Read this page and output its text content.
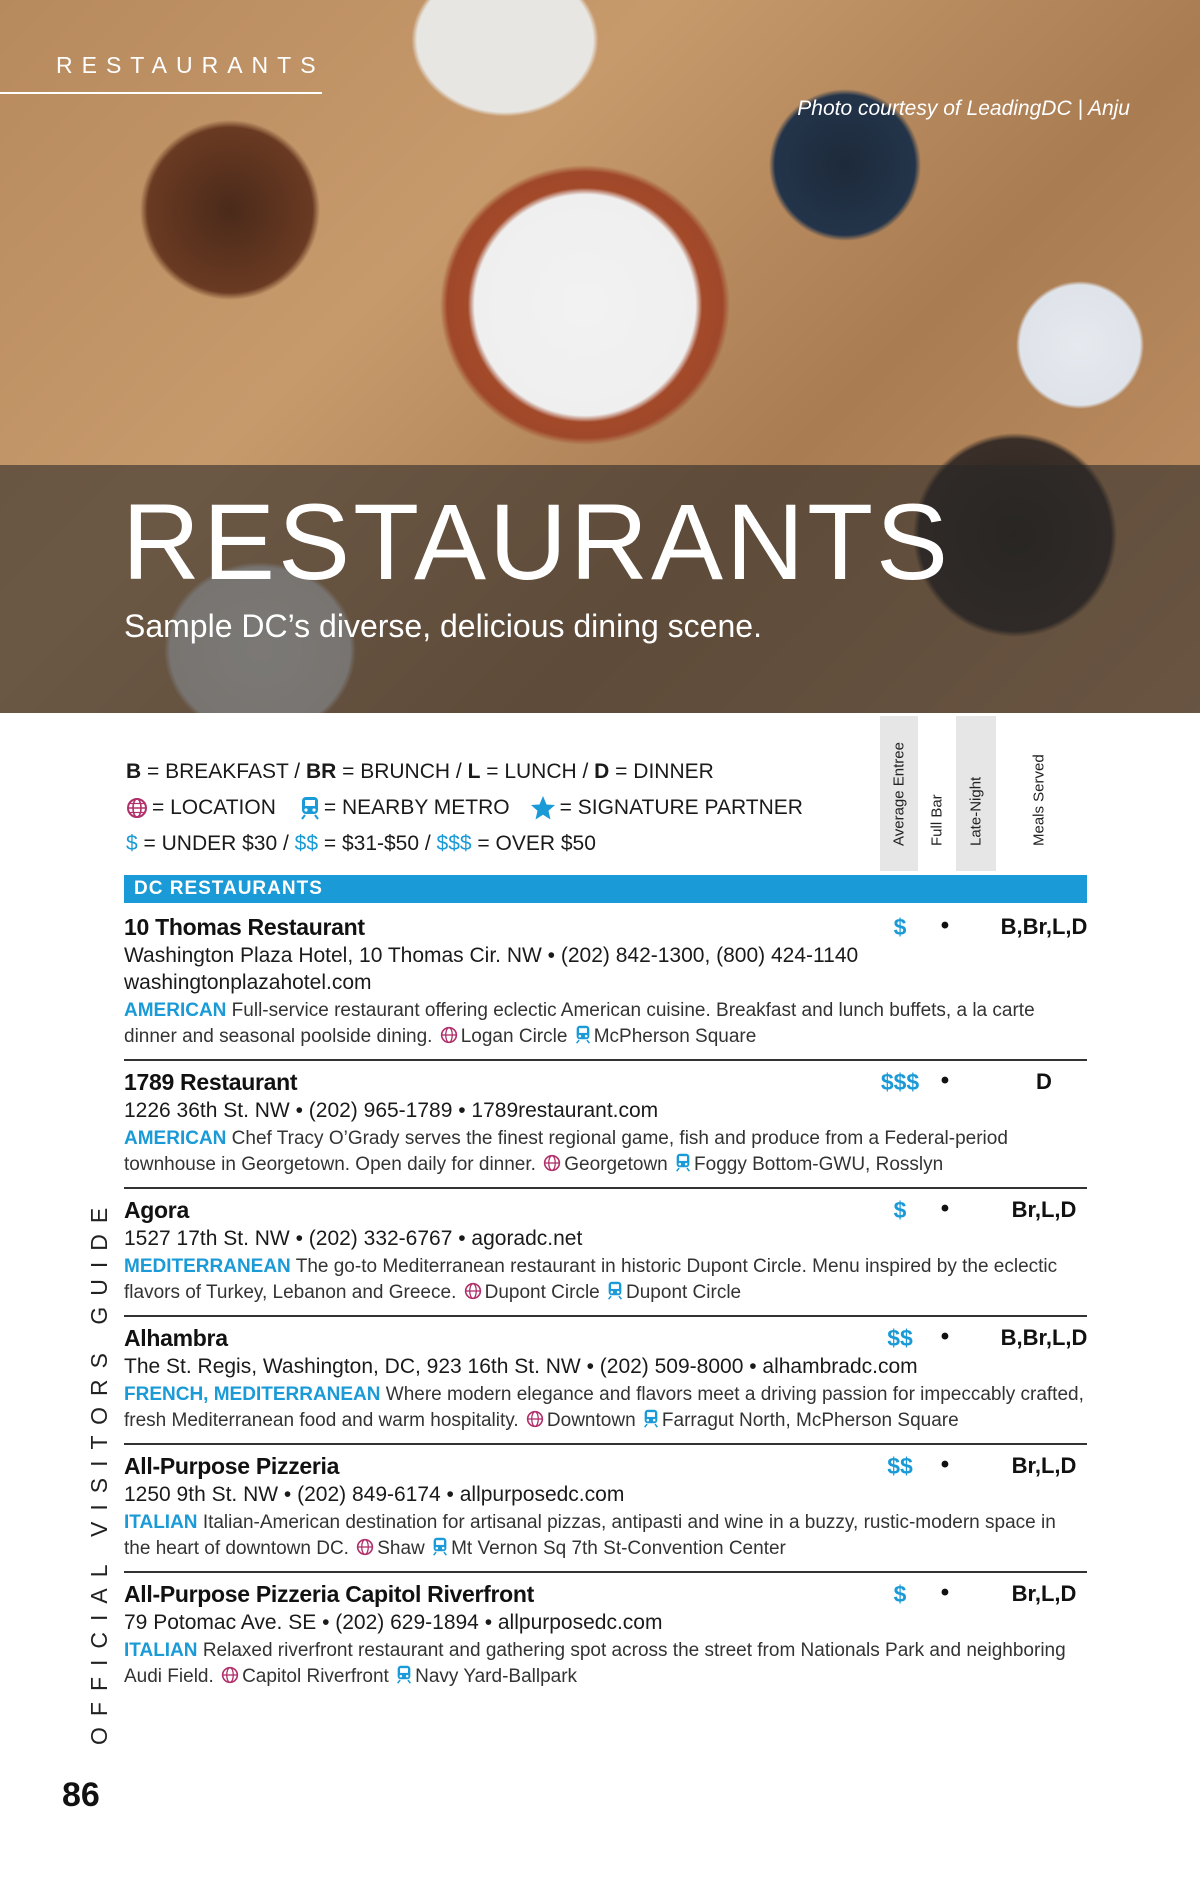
RESTAURANTS

Photo courtesy of LeadingDC | Anju

RESTAURANTS

Sample DC’s diverse, delicious dining scene.

B = BREAKFAST / BR = BRUNCH / L = LUNCH / D = DINNER
= LOCATION = NEARBY METRO = SIGNATURE PARTNER
$ = UNDER $30 / $$ = $31-$50 / $$$ = OVER $50	Average Entree Full Bar Late-Night	Meals Served
DC RESTAURANTS

10 Thomas Restaurant	$	•	B,Br,L,D

Washington Plaza Hotel, 10 Thomas Cir. NW • (202) 842-1300, (800) 424-1140

washingtonplazahotel.com

AMERICAN Full-service restaurant offering eclectic American cuisine. Breakfast and lunch buffets, a la carte dinner and seasonal poolside dining. Logan Circle McPherson Square

1789 Restaurant	$$$ •	D

1226 36th St. NW • (202) 965-1789 • 1789restaurant.com

AMERICAN Chef Tracy O’Grady serves the finest regional game, fish and produce from a Federal-period townhouse in Georgetown. Open daily for dinner. Georgetown Foggy Bottom-GWU, Rosslyn

Agora	$	•	Br,L,D

1527 17th St. NW • (202) 332-6767 • agoradc.net

MEDITERRANEAN The go-to Mediterranean restaurant in historic Dupont Circle. Menu inspired by the eclectic flavors of Turkey, Lebanon and Greece. Dupont Circle Dupont Circle

Alhambra	$$	•	B,Br,L,D

The St. Regis, Washington, DC, 923 16th St. NW • (202) 509-8000 • alhambradc.com

FRENCH, MEDITERRANEAN Where modern elegance and flavors meet a driving passion for impeccably crafted, fresh Mediterranean food and warm hospitality. Downtown Farragut North, McPherson Square

All-Purpose Pizzeria	$$	•	Br,L,D

1250 9th St. NW • (202) 849-6174 • allpurposedc.com

ITALIAN Italian-American destination for artisanal pizzas, antipasti and wine in a buzzy, rustic-modern space in the heart of downtown DC. Shaw Mt Vernon Sq 7th St-Convention Center

All-Purpose Pizzeria Capitol Riverfront	$	•	Br,L,D

79 Potomac Ave. SE • (202) 629-1894 • allpurposedc.com

ITALIAN Relaxed riverfront restaurant and gathering spot across the street from Nationals Park and neighboring Audi Field. Capitol Riverfront Navy Yard-Ballpark

OFFICIAL VISITORS GUIDE

86
